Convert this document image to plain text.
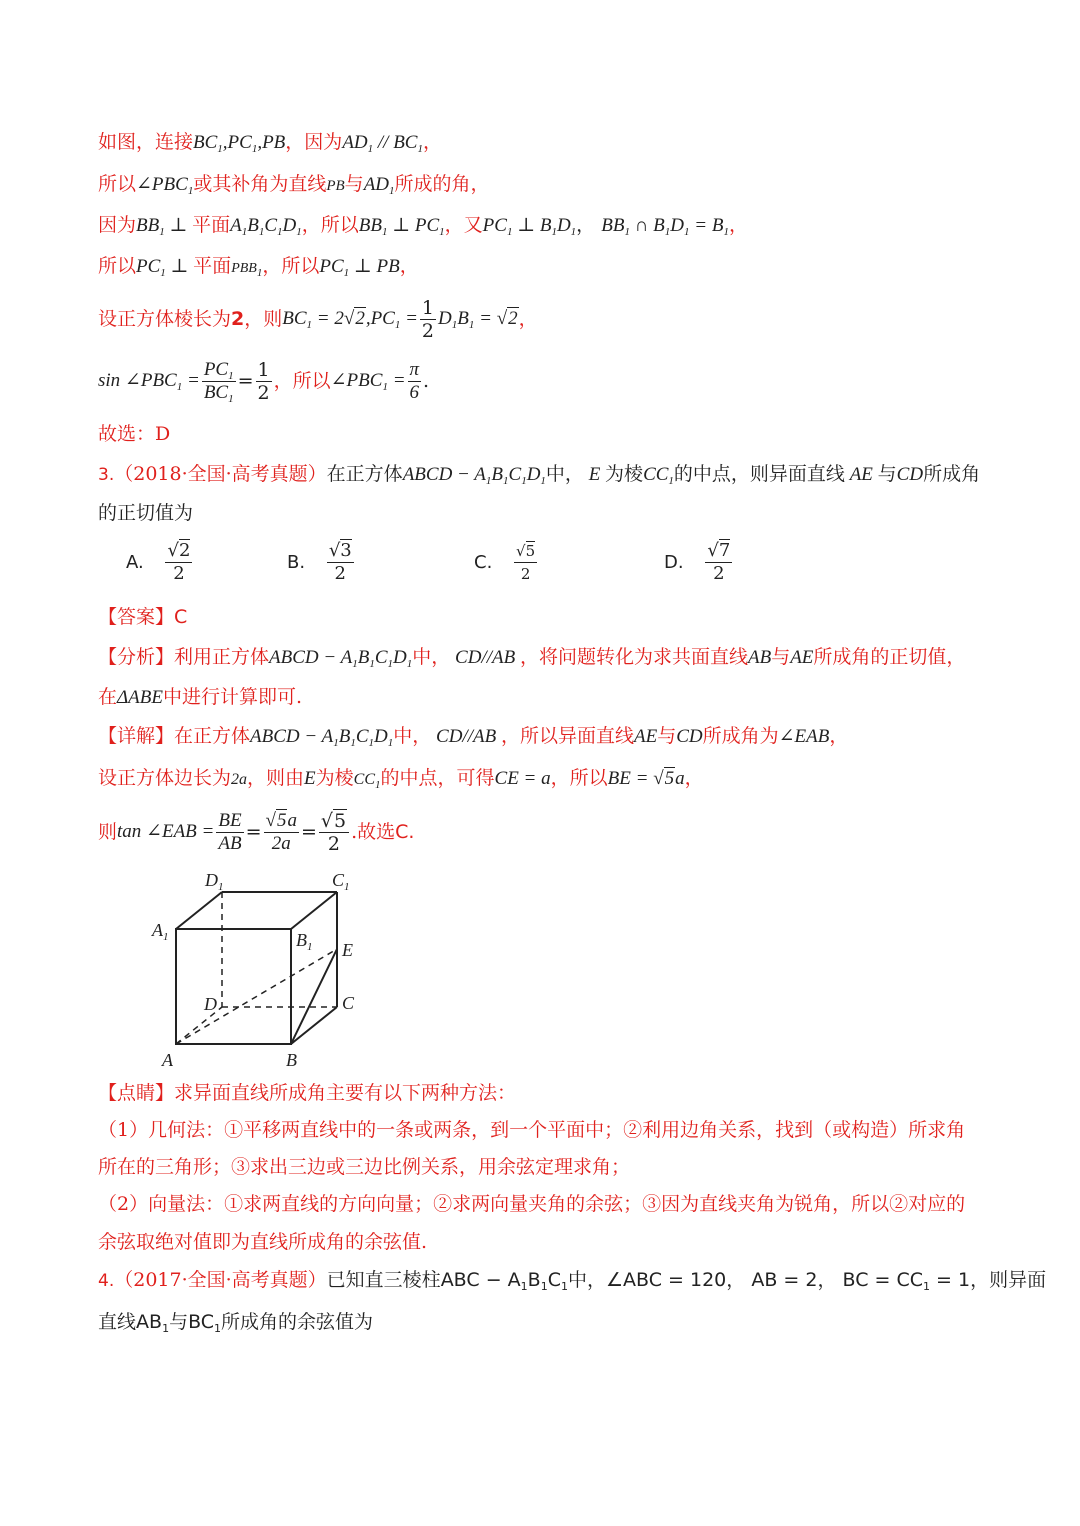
如图，连接$BC_1,PC_1,PB$，因为$AD_1 // BC_1$，
所以$\angle PBC_1$或其补角为直线PB与$AD_1$所成的角，
因为$BB_1$ ⊥ 平面$A_1B_1C_1D_1$，所以$BB_1$ ⊥ $PC_1$，又$PC_1$ ⊥ $B_1D_1$， $BB_1$ ∩ $B_1D_1 = B_1$，
所以$PC_1$ ⊥ 平面$PBB_1$，所以$PC_1$ ⊥ PB，
设正方体棱长为 2 ，则 $BC_1 = 2√2,PC_1 = \frac{1}{2} D_1B_1 = √2$ ，
$\sin \angle PBC_1 = \frac{PC_1}{BC_1} = \frac{1}{2}$ ，所以 $\angle PBC_1 = \frac{\pi}{6}$ .
故选：D
3.（2018·全国·高考真题）在正方体ABCD − $A_1B_1C_1D_1$中， E 为棱$CC_1$的中点，则异面直线 AE 与CD所成角
的正切值为
A. $\frac{√2}{2}$	B. $\frac{√3}{2}$	C. $\frac{√5}{2}$	D. $\frac{√7}{2}$
【答案】C
【分析】利用正方体ABCD − $A_1B_1C_1D_1$中， CD//AB ，将问题转化为求共面直线AB与AE所成角的正切值，
在ΔABE中进行计算即可.
【详解】在正方体ABCD − $A_1B_1C_1D_1$中， CD//AB ，所以异面直线AE与CD所成角为∠EAB，
设正方体边长为2a，则由E为棱$CC_1$的中点，可得CE = a，所以BE = √5a，
则 tan ∠EAB = $\frac{BE}{AB} = \frac{√5a}{2a} = \frac{√5}{2}$ .故选 C.
$D_1$	$C_1$
$A_1$	$B_1$ E
D	C
A	B
【点睛】求异面直线所成角主要有以下两种方法：
（1）几何法：①平移两直线中的一条或两条，到一个平面中；②利用边角关系，找到（或构造）所求角
所在的三角形；③求出三边或三边比例关系，用余弦定理求角；
（2）向量法：①求两直线的方向向量；②求两向量夹角的余弦；③因为直线夹角为锐角，所以②对应的
余弦取绝对值即为直线所成角的余弦值.
4.（2017·全国·高考真题）已知直三棱柱ABC − $A_1B_1C_1$中，∠ABC = 120， AB = 2， BC = $CC_1 = 1$，则异面
直线$AB_1$与$BC_1$所成角的余弦值为
